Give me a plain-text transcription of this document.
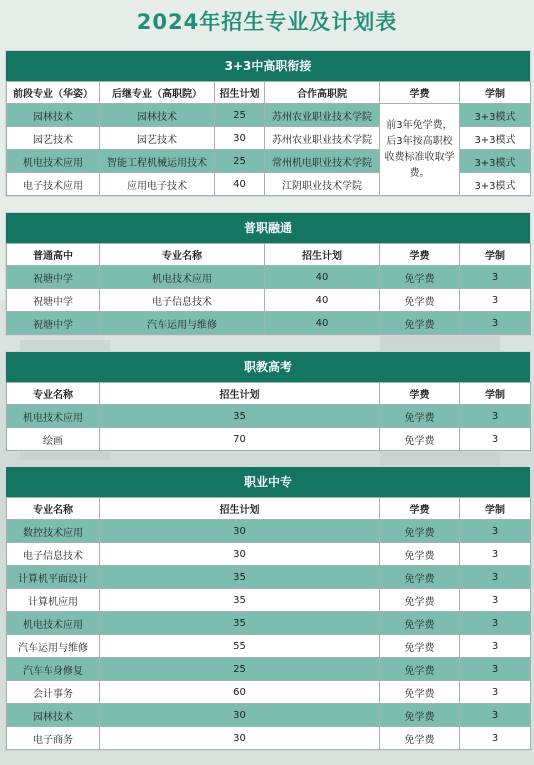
2024年招生专业及计划表
3+3中高职衔接
前段专业（华姿）	后继专业（高职院）	招生计划	合作高职院	学费	学制
园林技术	园林技术	25	苏州农业职业技术学院	前3年免学费，后3年按高职校收费标准收取学费。	3+3模式
园艺技术	园艺技术	30	苏州农业职业技术学院		3+3模式
机电技术应用	智能工程机械运用技术	25	常州机电职业技术学院		3+3模式
电子技术应用	应用电子技术	40	江阴职业技术学院		3+3模式
普职融通
普通高中	专业名称	招生计划	学费	学制
祝塘中学	机电技术应用	40	免学费	3
祝塘中学	电子信息技术	40	免学费	3
祝塘中学	汽车运用与维修	40	免学费	3
职教高考
专业名称	招生计划	学费	学制
机电技术应用	35	免学费	3
绘画	70	免学费	3
职业中专
专业名称	招生计划	学费	学制
数控技术应用	30	免学费	3
电子信息技术	30	免学费	3
计算机平面设计	35	免学费	3
计算机应用	35	免学费	3
机电技术应用	35	免学费	3
汽车运用与维修	55	免学费	3
汽车车身修复	25	免学费	3
会计事务	60	免学费	3
园林技术	30	免学费	3
电子商务	30	免学费	3
